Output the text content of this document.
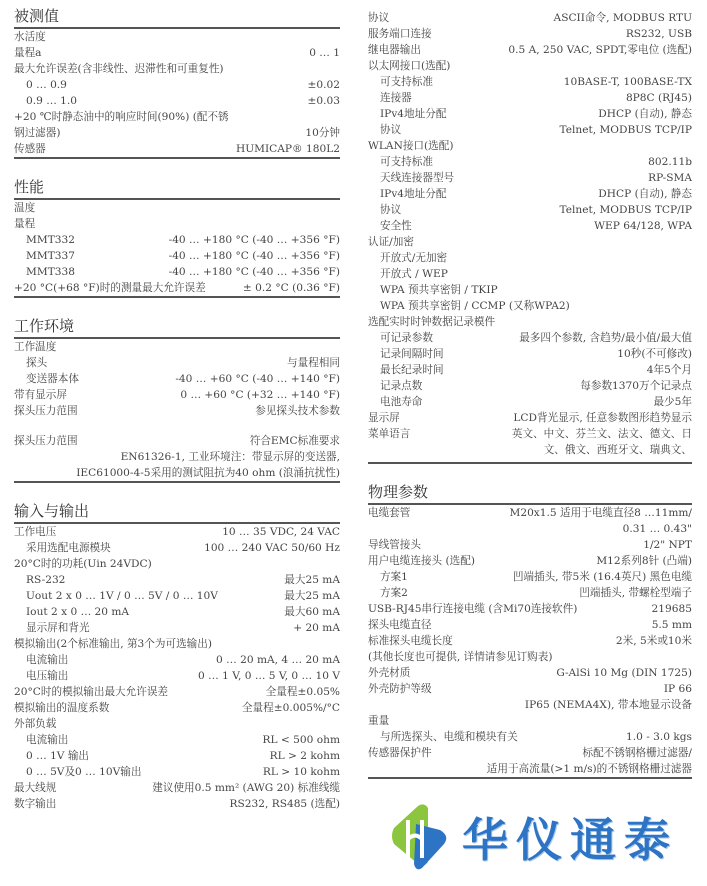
被测值
水活度
量程a	0 … 1
最大允许误差(含非线性、迟滞性和可重复性)
0 … 0.9	±0.02
0.9 … 1.0	±0.03
+20 ℃时静态油中的响应时间(90%) (配不锈
钢过滤器)	10分钟
传感器	HUMICAP® 180L2
性能
温度
量程
MMT332	-40 … +180 °C (-40 … +356 °F)
MMT337	-40 … +180 °C (-40 … +356 °F)
MMT338	-40 … +180 °C (-40 … +356 °F)
+20 °C(+68 °F)时的测量最大允许误差	± 0.2 °C (0.36 °F)
工作环境
工作温度
探头	与量程相同
变送器本体	-40 … +60 °C (-40 … +140 °F)
带有显示屏	0 … +60 °C (+32 … +140 °F)
探头压力范围	参见探头技术参数
探头压力范围	符合EMC标准要求
EN61326-1, 工业环境注：带显示屏的变送器,
IEC61000-4-5采用的测试阻抗为40 ohm (浪涌抗扰性)
输入与输出
工作电压	10 … 35 VDC, 24 VAC
采用选配电源模块	100 … 240 VAC 50/60 Hz
20°C时的功耗(Uin 24VDC)
RS-232	最大25 mA
Uout 2 x 0 … 1V / 0 … 5V / 0 … 10V	最大25 mA
Iout 2 x 0 … 20 mA	最大60 mA
显示屏和背光	+ 20 mA
模拟输出(2个标准输出, 第3个为可选输出)
电流输出	0 … 20 mA, 4 … 20 mA
电压输出	0 … 1 V, 0 … 5 V, 0 … 10 V
20°C时的模拟输出最大允许误差	全量程±0.05%
模拟输出的温度系数	全量程±0.005%/°C
外部负载
电流输出	RL < 500 ohm
0 … 1V 输出	RL > 2 kohm
0 … 5V及0 … 10V输出	RL > 10 kohm
最大线规	建议使用0.5 mm² (AWG 20) 标准线缆
数字输出	RS232, RS485 (选配)
协议	ASCII命令, MODBUS RTU
服务端口连接	RS232, USB
继电器输出	0.5 A, 250 VAC, SPDT,零电位 (选配)
以太网接口(选配)
可支持标准	10BASE-T, 100BASE-TX
连接器	8P8C (RJ45)
IPv4地址分配	DHCP (自动), 静态
协议	Telnet, MODBUS TCP/IP
WLAN接口(选配)
可支持标准	802.11b
天线连接器型号	RP-SMA
IPv4地址分配	DHCP (自动), 静态
协议	Telnet, MODBUS TCP/IP
安全性	WEP 64/128, WPA
认证/加密
开放式/无加密
开放式 / WEP
WPA 预共享密钥 / TKIP
WPA 预共享密钥 / CCMP (又称WPA2)
选配实时时钟数据记录模件
可记录参数	最多四个参数, 含趋势/最小值/最大值
记录间隔时间	10秒(不可修改)
最长纪录时间	4年5个月
记录点数	每参数1370万个记录点
电池寿命	最少5年
显示屏	LCD背光显示, 任意参数图形趋势显示
菜单语言	英文、中文、芬兰文、法文、德文、日
文、俄文、西班牙文、瑞典文、
物理参数
电缆套管	M20x1.5 适用于电缆直径8 …11mm/
0.31 … 0.43"
导线管接头	1/2" NPT
用户电缆连接头 (选配)	M12系列8针 (凸端)
方案1	凹端插头, 带5米 (16.4英尺) 黑色电缆
方案2	凹端插头, 带螺栓型端子
USB-RJ45串行连接电缆 (含Mi70连接软件)	219685
探头电缆直径	5.5 mm
标准探头电缆长度	2米, 5米或10米
(其他长度也可提供, 详情请参见订购表)
外壳材质	G-AlSi 10 Mg (DIN 1725)
外壳防护等级	IP 66
IP65 (NEMA4X), 带本地显示设备
重量
与所选探头、电缆和模块有关	1.0 - 3.0 kgs
传感器保护件	标配不锈钢格栅过滤器/
适用于高流量(>1 m/s)的不锈钢格栅过滤器
华仪通泰
